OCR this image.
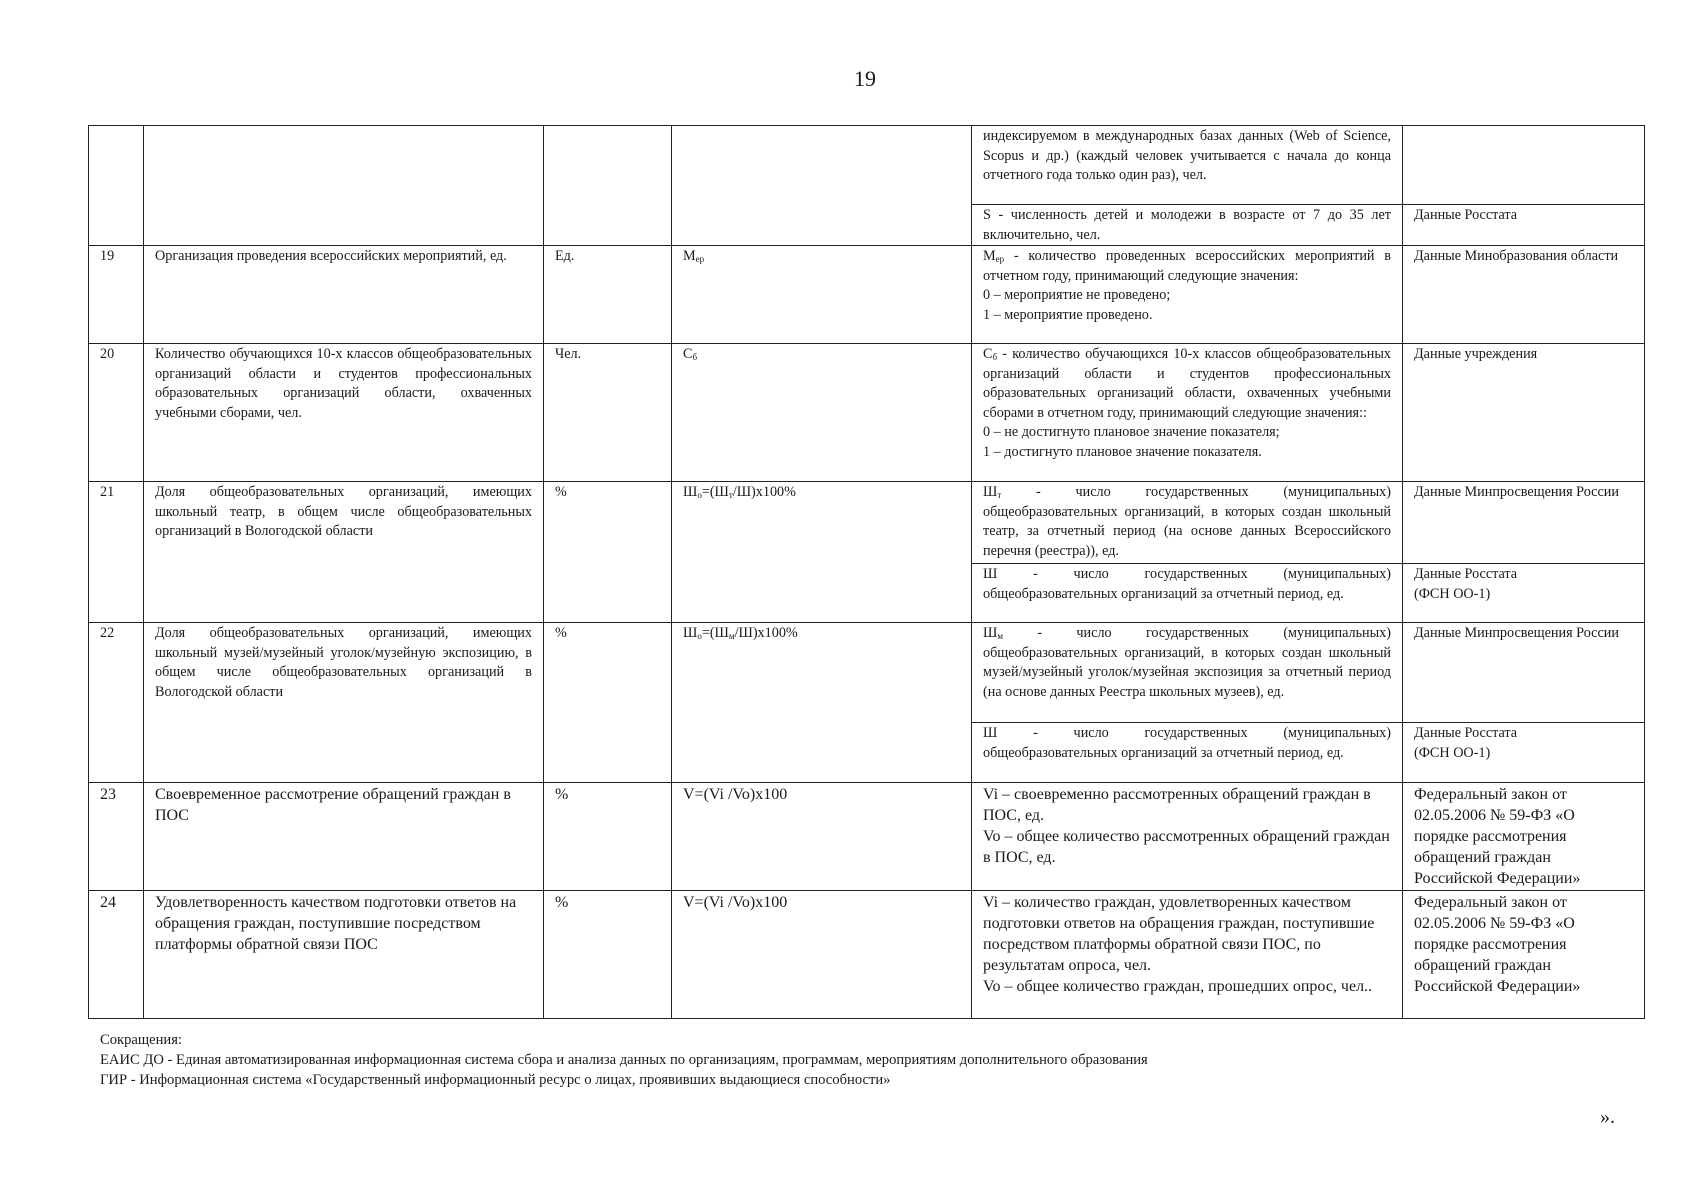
19
				индексируемом в международных базах данных (Web of Science, Scopus и др.) (каждый человек учитывается с начала до конца отчетного года только один раз), чел.	
				S - численность детей и молодежи в возрасте от 7 до 35 лет включительно, чел.	Данные Росстата
19	Организация проведения всероссийских мероприятий, ед.	Ед.	$М_{ер}$	$М_{ер}$ - количество проведенных всероссийских мероприятий в отчетном году, принимающий следующие значения:
0 – мероприятие не проведено;
1 – мероприятие проведено.	Данные Минобразования области
20	Количество обучающихся 10-х классов общеобразовательных организаций области и студентов профессиональных образовательных организаций области, охваченных учебными сборами, чел.	Чел.	$С_б$	$С_б$ - количество обучающихся 10-х классов общеобразовательных организаций области и студентов профессиональных образовательных организаций области, охваченных учебными сборами в отчетном году, принимающий следующие значения::
0 – не достигнуто плановое значение показателя;
1 – достигнуто плановое значение показателя.	Данные учреждения
21	Доля общеобразовательных организаций, имеющих школьный театр, в общем числе общеобразовательных организаций в Вологодской области	%	$Ш_о=(Ш_т/Ш)х100\%$	$Ш_т$ - число государственных (муниципальных) общеобразовательных организаций, в которых создан школьный театр, за отчетный период (на основе данных Всероссийского перечня (реестра)), ед.	Данные Минпросвещения России
				Ш - число государственных (муниципальных) общеобразовательных организаций за отчетный период, ед.	Данные Росстата
(ФСН ОО-1)

22	Доля общеобразовательных организаций, имеющих школьный музей/музейный уголок/музейную экспозицию, в общем числе общеобразовательных организаций в Вологодской области	%	$Ш_о=(Ш_м/Ш)х100\%$	$Ш_м$ - число государственных (муниципальных) общеобразовательных организаций, в которых создан школьный музей/музейный уголок/музейная экспозиция за отчетный период (на основе данных Реестра школьных музеев), ед.	Данные Минпросвещения России
				Ш - число государственных (муниципальных) общеобразовательных организаций за отчетный период, ед.	Данные Росстата
(ФСН ОО-1)

23	Своевременное рассмотрение обращений граждан в ПОС	%	V=(Vi /Vo)x100	Vi – своевременно рассмотренных обращений граждан в ПОС, ед.
Vo – общее количество рассмотренных обращений граждан в ПОС, ед.	Федеральный закон от 02.05.2006 № 59-ФЗ «О порядке рассмотрения обращений граждан Российской Федерации»
24	Удовлетворенность качеством подготовки ответов на обращения граждан, поступившие посредством платформы обратной связи ПОС	%	V=(Vi /Vo)x100	Vi – количество граждан, удовлетворенных качеством подготовки ответов на обращения граждан, поступившие посредством платформы обратной связи ПОС, по результатам опроса, чел.
Vo – общее количество граждан, прошедших опрос, чел..	Федеральный закон от 02.05.2006 № 59-ФЗ «О порядке рассмотрения обращений граждан Российской Федерации»
Сокращения:
ЕАИС ДО - Единая автоматизированная информационная система сбора и анализа данных по организациям, программам, мероприятиям дополнительного образования
ГИР - Информационная система «Государственный информационный ресурс о лицах, проявивших выдающиеся способности»
».
